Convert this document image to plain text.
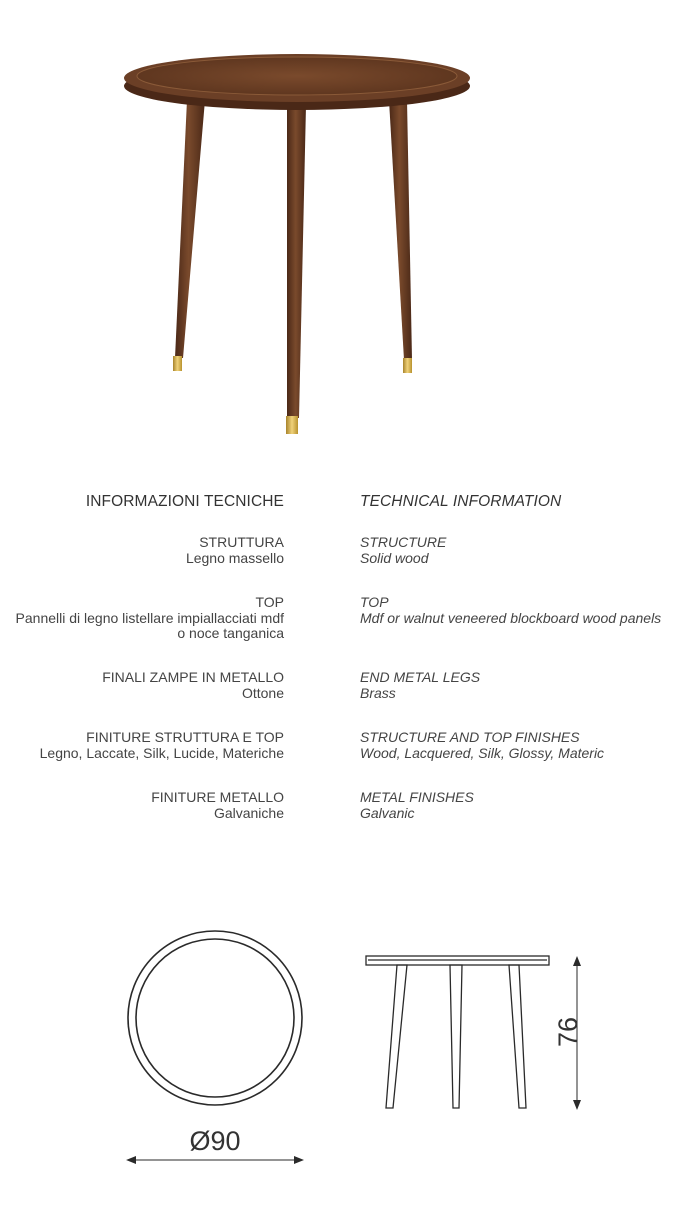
INFORMAZIONI TECNICHE	TECHNICAL INFORMATION
STRUTTURA
Legno massello
TOP
Pannelli di legno listellare impiallacciati mdf
o noce tanganica
FINALI ZAMPE IN METALLO
Ottone
FINITURE STRUTTURA E TOP
Legno, Laccate, Silk, Lucide, Materiche
FINITURE METALLO
Galvaniche
STRUCTURE
Solid wood
TOP
Mdf or walnut veneered blockboard wood panels
END METAL LEGS
Brass
STRUCTURE AND TOP FINISHES
Wood, Lacquered, Silk, Glossy, Materic
METAL FINISHES
Galvanic
Ø90
76
